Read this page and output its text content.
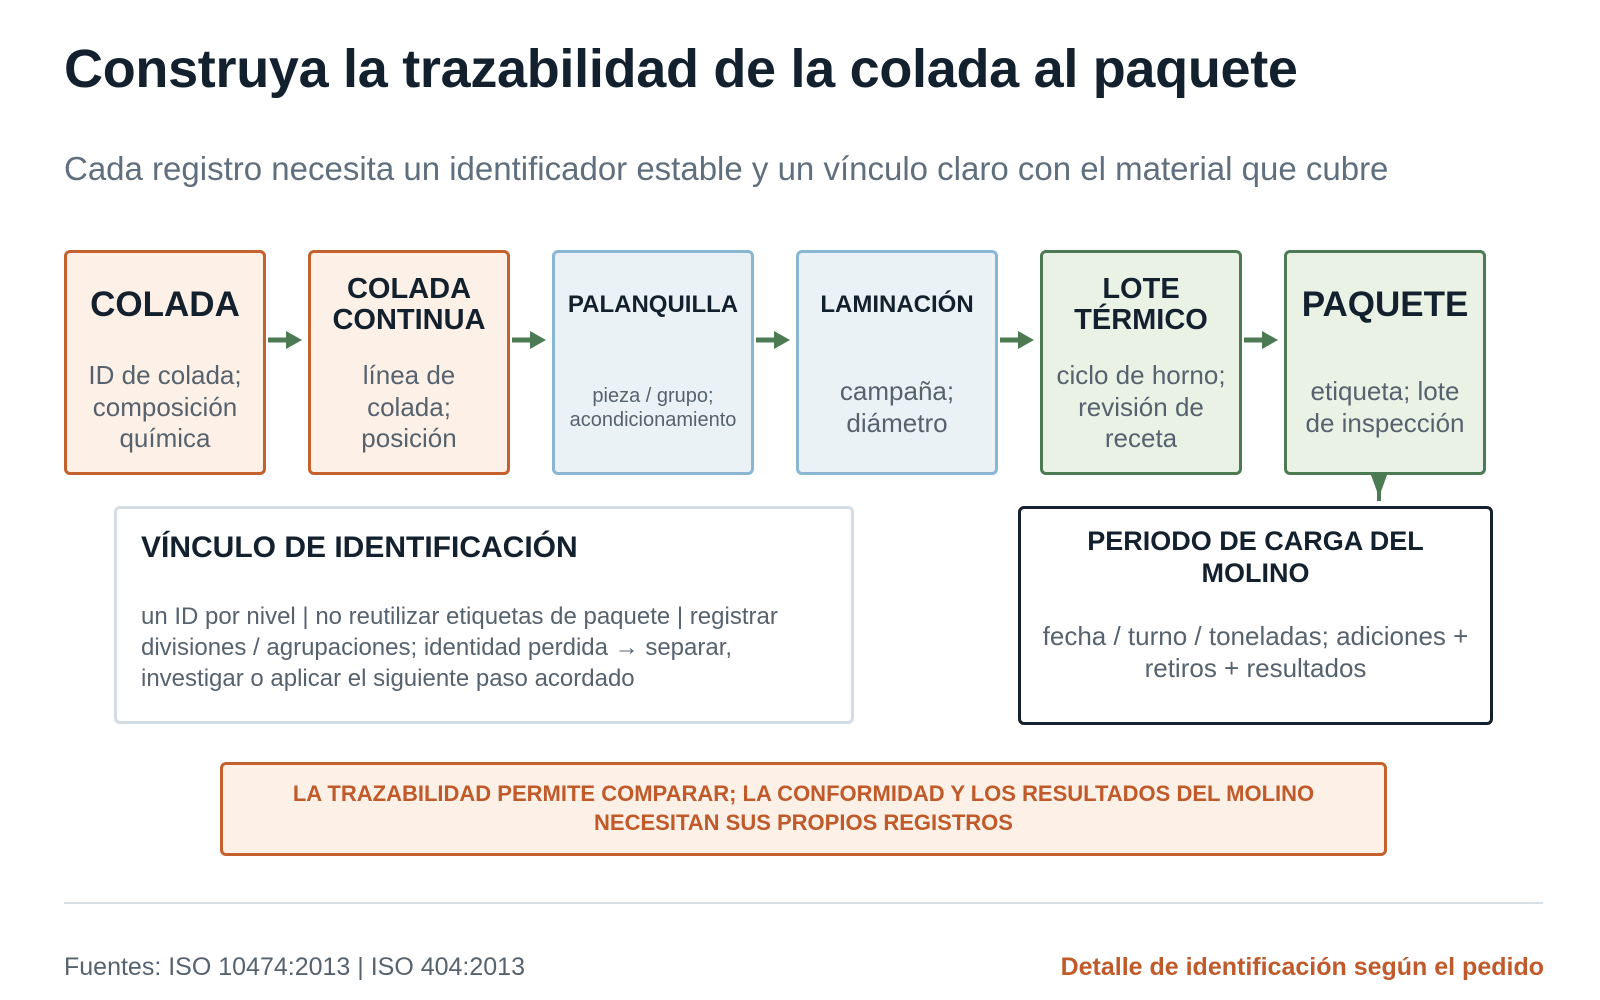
Construya la trazabilidad de la colada al paquete

Cada registro necesita un identificador estable y un vínculo claro con el material que cubre

COLADA
ID de colada; composición química
COLADA CONTINUA
línea de colada; posición
PALANQUILLA
pieza / grupo; acondicionamiento
LAMINACIÓN
campaña; diámetro
LOTE TÉRMICO
ciclo de horno; revisión de receta
PAQUETE
etiqueta; lote de inspección
VÍNCULO DE IDENTIFICACIÓN
un ID por nivel | no reutilizar etiquetas de paquete | registrar divisiones / agrupaciones; identidad perdida → separar, investigar o aplicar el siguiente paso acordado
PERIODO DE CARGA DEL MOLINO
fecha / turno / toneladas; adiciones + retiros + resultados
LA TRAZABILIDAD PERMITE COMPARAR; LA CONFORMIDAD Y LOS RESULTADOS DEL MOLINO NECESITAN SUS PROPIOS REGISTROS
Fuentes: ISO 10474:2013 | ISO 404:2013	Detalle de identificación según el pedido
